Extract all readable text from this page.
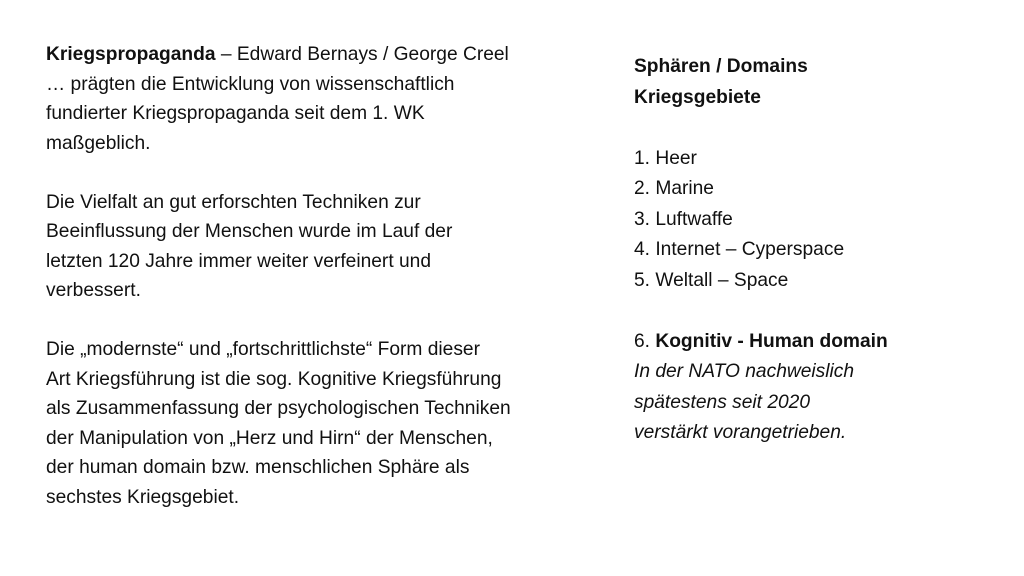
Kriegspropaganda – Edward Bernays / George Creel
… prägten die Entwicklung von wissenschaftlich
fundierter Kriegspropaganda seit dem 1. WK
maßgeblich.

Die Vielfalt an gut erforschten Techniken zur
Beeinflussung der Menschen wurde im Lauf der
letzten 120 Jahre immer weiter verfeinert und
verbessert.

Die „modernste“ und „fortschrittlichste“ Form dieser
Art Kriegsführung ist die sog. Kognitive Kriegsführung
als Zusammenfassung der psychologischen Techniken
der Manipulation von „Herz und Hirn“ der Menschen,
der human domain bzw. menschlichen Sphäre als
sechstes Kriegsgebiet.

Sphären / Domains
Kriegsgebiete
1. Heer
2. Marine
3. Luftwaffe
4. Internet – Cyperspace
5. Weltall – Space
6. Kognitiv - Human domain
In der NATO nachweislich
spätestens seit 2020
verstärkt vorangetrieben.
